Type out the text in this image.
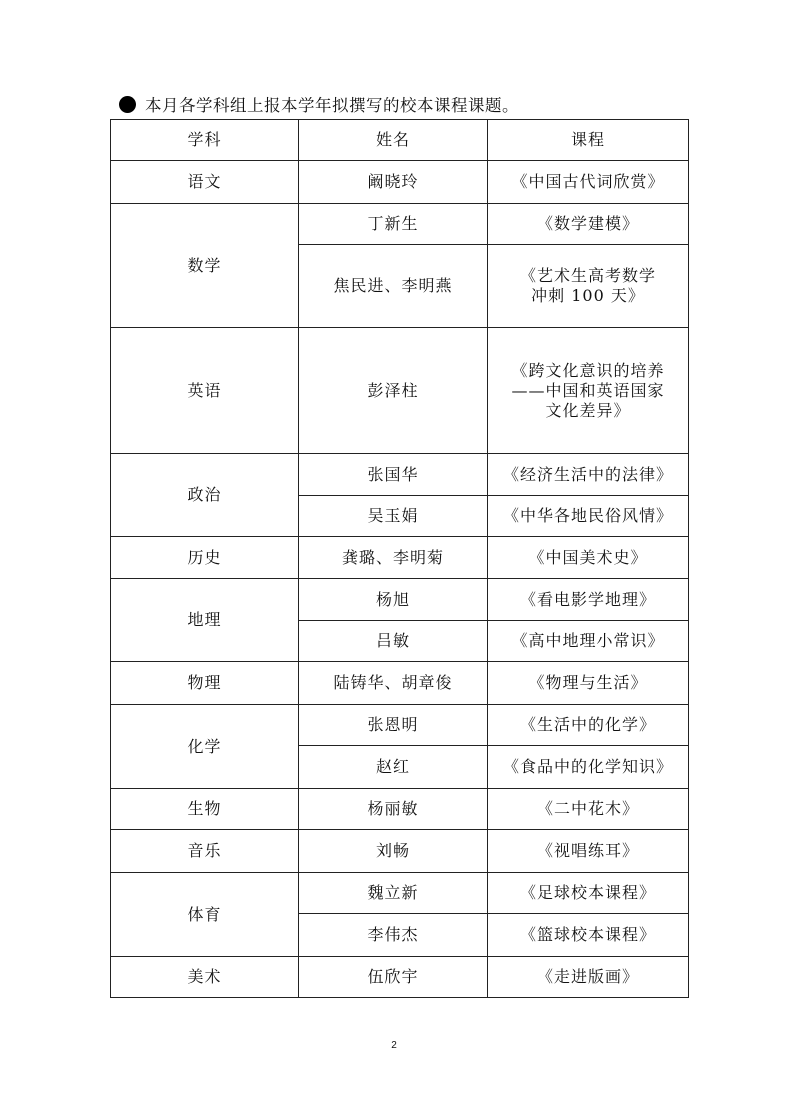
本月各学科组上报本学年拟撰写的校本课程课题。
学科	姓名	课程
语文	阚晓玲	《中国古代词欣赏》
数学	丁新生	《数学建模》
	焦民进、李明燕	《艺术生高考数学
冲刺 100 天》
英语	彭泽柱	《跨文化意识的培养
——中国和英语国家
文化差异》
政治	张国华	《经济生活中的法律》
	吴玉娟	《中华各地民俗风情》
历史	龚璐、李明菊	《中国美术史》
地理	杨旭	《看电影学地理》
	吕敏	《高中地理小常识》
物理	陆铸华、胡章俊	《物理与生活》
化学	张恩明	《生活中的化学》
	赵红	《食品中的化学知识》
生物	杨丽敏	《二中花木》
音乐	刘畅	《视唱练耳》
体育	魏立新	《足球校本课程》
	李伟杰	《篮球校本课程》
美术	伍欣宇	《走进版画》
2
